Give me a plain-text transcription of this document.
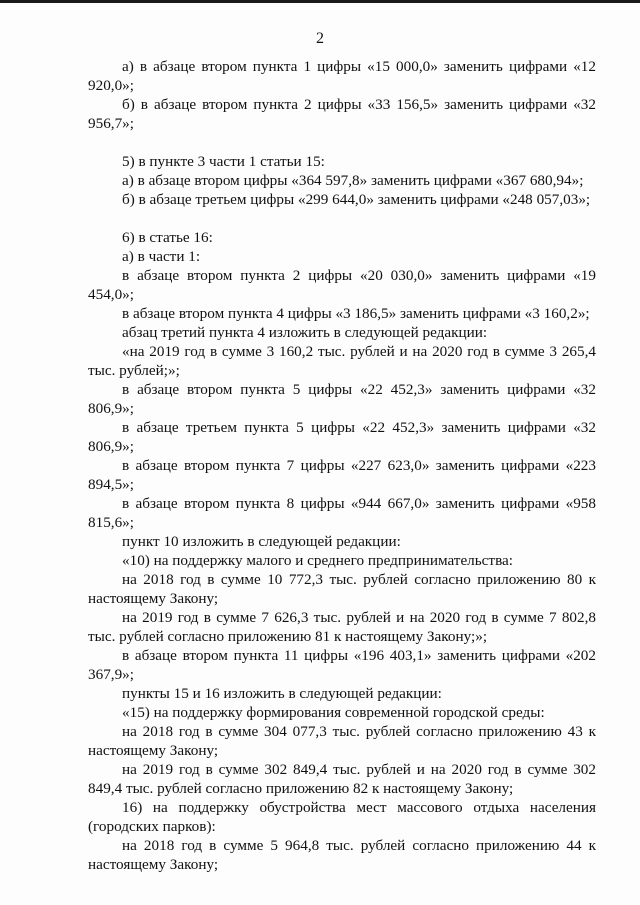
2

а) в абзаце втором пункта 1 цифры «15 000,0» заменить цифрами «12 920,0»;

б) в абзаце втором пункта 2 цифры «33 156,5» заменить цифрами «32 956,7»;

5) в пункте 3 части 1 статьи 15:

а) в абзаце втором цифры «364 597,8» заменить цифрами «367 680,94»;

б) в абзаце третьем цифры «299 644,0» заменить цифрами «248 057,03»;

6) в статье 16:

а) в части 1:

в абзаце втором пункта 2 цифры «20 030,0» заменить цифрами «19 454,0»;

в абзаце втором пункта 4 цифры «3 186,5» заменить цифрами «3 160,2»;

абзац третий пункта 4 изложить в следующей редакции:

«на 2019 год в сумме 3 160,2 тыс. рублей и на 2020 год в сумме 3 265,4 тыс. рублей;»;

в абзаце втором пункта 5 цифры «22 452,3» заменить цифрами «32 806,9»;

в абзаце третьем пункта 5 цифры «22 452,3» заменить цифрами «32 806,9»;

в абзаце втором пункта 7 цифры «227 623,0» заменить цифрами «223 894,5»;

в абзаце втором пункта 8 цифры «944 667,0» заменить цифрами «958 815,6»;

пункт 10 изложить в следующей редакции:

«10) на поддержку малого и среднего предпринимательства:

на 2018 год в сумме 10 772,3 тыс. рублей согласно приложению 80 к настоящему Закону;

на 2019 год в сумме 7 626,3 тыс. рублей и на 2020 год в сумме 7 802,8 тыс. рублей согласно приложению 81 к настоящему Закону;»;

в абзаце втором пункта 11 цифры «196 403,1» заменить цифрами «202 367,9»;

пункты 15 и 16 изложить в следующей редакции:

«15) на поддержку формирования современной городской среды:

на 2018 год в сумме 304 077,3 тыс. рублей согласно приложению 43 к настоящему Закону;

на 2019 год в сумме 302 849,4 тыс. рублей и на 2020 год в сумме 302 849,4 тыс. рублей согласно приложению 82 к настоящему Закону;

16) на поддержку обустройства мест массового отдыха населения (городских парков):

на 2018 год в сумме 5 964,8 тыс. рублей согласно приложению 44 к настоящему Закону;
